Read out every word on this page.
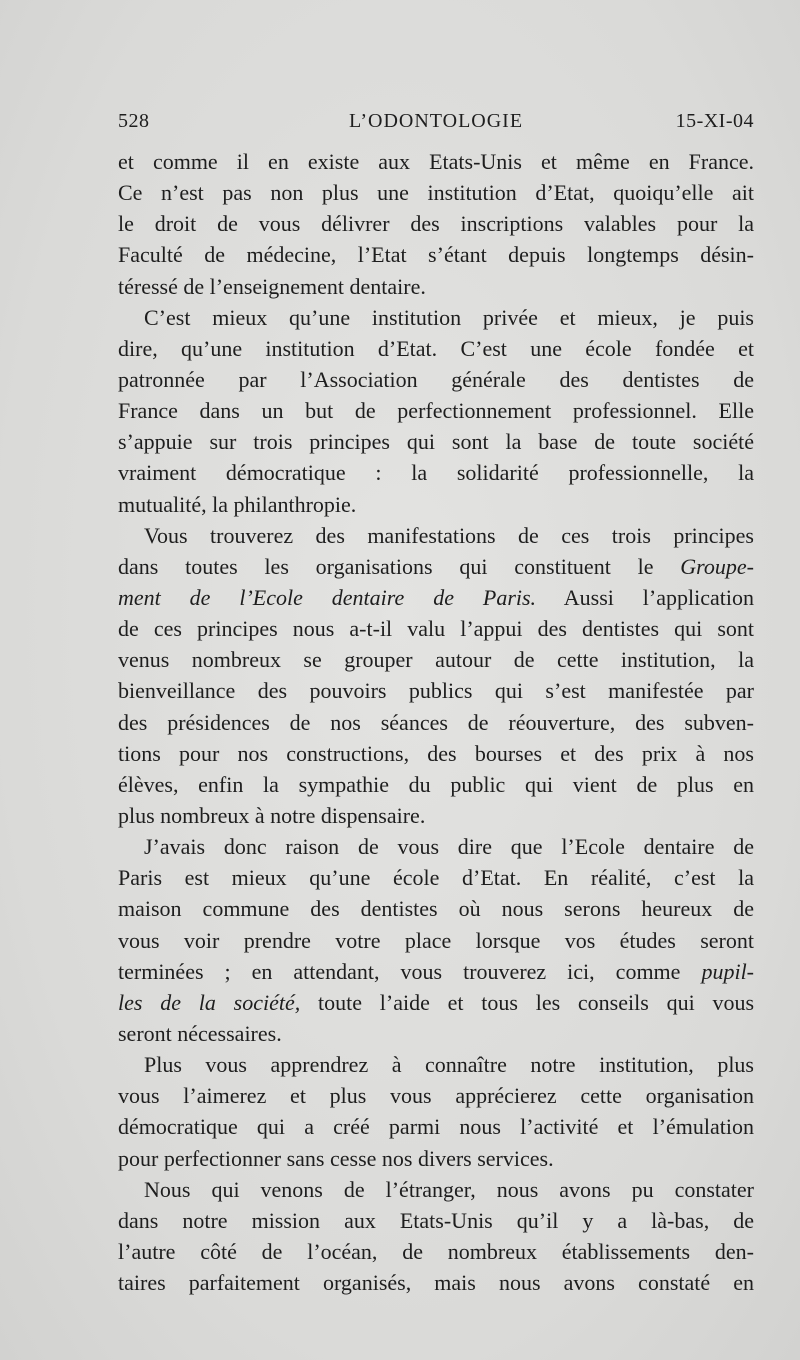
528	L’ODONTOLOGIE	15-XI-04

et comme il en existe aux Etats-Unis et même en France.

Ce n’est pas non plus une institution d’Etat, quoiqu’elle ait

le droit de vous délivrer des inscriptions valables pour la

Faculté de médecine, l’Etat s’étant depuis longtemps désin-

téressé de l’enseignement dentaire.

C’est mieux qu’une institution privée et mieux, je puis

dire, qu’une institution d’Etat. C’est une école fondée et

patronnée par l’Association générale des dentistes de

France dans un but de perfectionnement professionnel. Elle

s’appuie sur trois principes qui sont la base de toute société

vraiment démocratique : la solidarité professionnelle, la

mutualité, la philanthropie.

Vous trouverez des manifestations de ces trois principes

dans toutes les organisations qui constituent le Groupe-

ment de l’Ecole dentaire de Paris. Aussi l’application

de ces principes nous a-t-il valu l’appui des dentistes qui sont

venus nombreux se grouper autour de cette institution, la

bienveillance des pouvoirs publics qui s’est manifestée par

des présidences de nos séances de réouverture, des subven-

tions pour nos constructions, des bourses et des prix à nos

élèves, enfin la sympathie du public qui vient de plus en

plus nombreux à notre dispensaire.

J’avais donc raison de vous dire que l’Ecole dentaire de

Paris est mieux qu’une école d’Etat. En réalité, c’est la

maison commune des dentistes où nous serons heureux de

vous voir prendre votre place lorsque vos études seront

terminées ; en attendant, vous trouverez ici, comme pupil-

les de la société, toute l’aide et tous les conseils qui vous

seront nécessaires.

Plus vous apprendrez à connaître notre institution, plus

vous l’aimerez et plus vous apprécierez cette organisation

démocratique qui a créé parmi nous l’activité et l’émulation

pour perfectionner sans cesse nos divers services.

Nous qui venons de l’étranger, nous avons pu constater

dans notre mission aux Etats-Unis qu’il y a là-bas, de

l’autre côté de l’océan, de nombreux établissements den-

taires parfaitement organisés, mais nous avons constaté en
